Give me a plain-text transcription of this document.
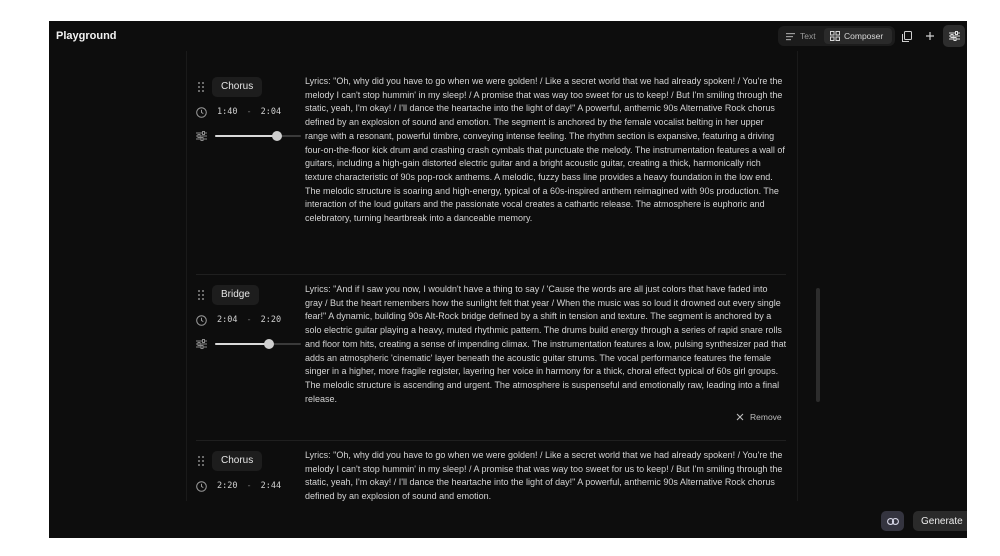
Playground	Text	Composer
Chorus
1:40 - 2:04

Lyrics: "Oh, why did you have to go when we were golden! / Like a secret world that we had already spoken! / You're the melody I can't stop hummin' in my sleep! / A promise that was way too sweet for us to keep! / But I'm smiling through the static, yeah, I'm okay! / I'll dance the heartache into the light of day!" A powerful, anthemic 90s Alternative Rock chorus defined by an explosion of sound and emotion. The segment is anchored by the female vocalist belting in her upper range with a resonant, powerful timbre, conveying intense feeling. The rhythm section is expansive, featuring a driving four-on-the-floor kick drum and crashing crash cymbals that punctuate the melody. The instrumentation features a wall of guitars, including a high-gain distorted electric guitar and a bright acoustic guitar, creating a thick, harmonically rich texture characteristic of 90s pop-rock anthems. A melodic, fuzzy bass line provides a heavy foundation in the low end. The melodic structure is soaring and high-energy, typical of a 60s-inspired anthem reimagined with 90s production. The interaction of the loud guitars and the passionate vocal creates a cathartic release. The atmosphere is euphoric and celebratory, turning heartbreak into a danceable memory.

Bridge
2:04 - 2:20

Lyrics: "And if I saw you now, I wouldn't have a thing to say / 'Cause the words are all just colors that have faded into gray / But the heart remembers how the sunlight felt that year / When the music was so loud it drowned out every single fear!" A dynamic, building 90s Alt-Rock bridge defined by a shift in tension and texture. The segment is anchored by a solo electric guitar playing a heavy, muted rhythmic pattern. The drums build energy through a series of rapid snare rolls and floor tom hits, creating a sense of impending climax. The instrumentation features a low, pulsing synthesizer pad that adds an atmospheric 'cinematic' layer beneath the acoustic guitar strums. The vocal performance features the female singer in a higher, more fragile register, layering her voice in harmony for a thick, choral effect typical of 60s girl groups. The melodic structure is ascending and urgent. The atmosphere is suspenseful and emotionally raw, leading into a final release.

Remove
Chorus
2:20 - 2:44

Lyrics: "Oh, why did you have to go when we were golden! / Like a secret world that we had already spoken! / You're the melody I can't stop hummin' in my sleep! / A promise that was way too sweet for us to keep! / But I'm smiling through the static, yeah, I'm okay! / I'll dance the heartache into the light of day!" A powerful, anthemic 90s Alternative Rock chorus defined by an explosion of sound and emotion.

Generate
